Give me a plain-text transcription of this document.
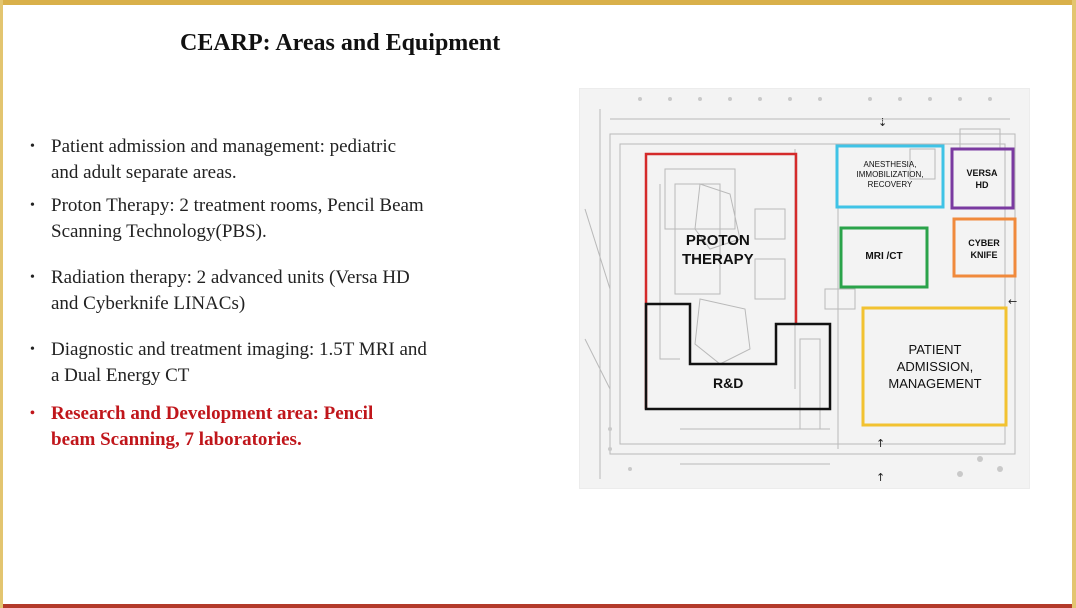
CEARP: Areas and Equipment
• Patient admission and management: pediatric
and adult separate areas.
• Proton Therapy: 2 treatment rooms, Pencil Beam
Scanning Technology(PBS).
• Radiation therapy: 2 advanced units (Versa HD
and Cyberknife LINACs)
• Diagnostic and treatment imaging: 1.5T MRI and
a Dual Energy CT
• Research and Development area: Pencil
beam Scanning, 7 laboratories.
⇣
↑
↑
←
PROTON
THERAPY
R&D
ANESTHESIA,
IMMOBILIZATION,
RECOVERY
VERSA
HD
MRI /CT
CYBER
KNIFE
PATIENT
ADMISSION,
MANAGEMENT
